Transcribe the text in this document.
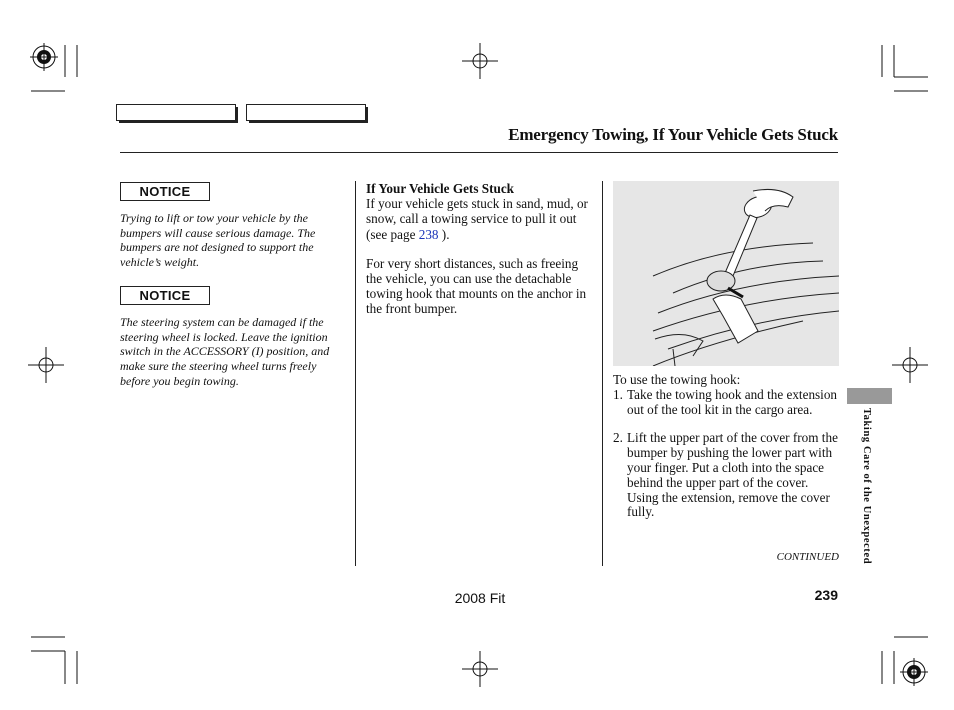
Emergency Towing, If Your Vehicle Gets Stuck
NOTICE
Trying to lift or tow your vehicle by the bumpers will cause serious damage. The bumpers are not designed to support the vehicle’s weight.
NOTICE
The steering system can be damaged if the steering wheel is locked. Leave the ignition switch in the ACCESSORY (I) position, and make sure the steering wheel turns freely before you begin towing.
If Your Vehicle Gets Stuck
If your vehicle gets stuck in sand, mud, or snow, call a towing service to pull it out (see page 238 ).
For very short distances, such as freeing the vehicle, you can use the detachable towing hook that mounts on the anchor in the front bumper.
To use the towing hook:
1. Take the towing hook and the extension out of the tool kit in the cargo area.
2. Lift the upper part of the cover from the bumper by pushing the lower part with your finger. Put a cloth into the space behind the upper part of the cover. Using the extension, remove the cover fully.
CONTINUED Taking Care of the Unexpected
2008 Fit	239
